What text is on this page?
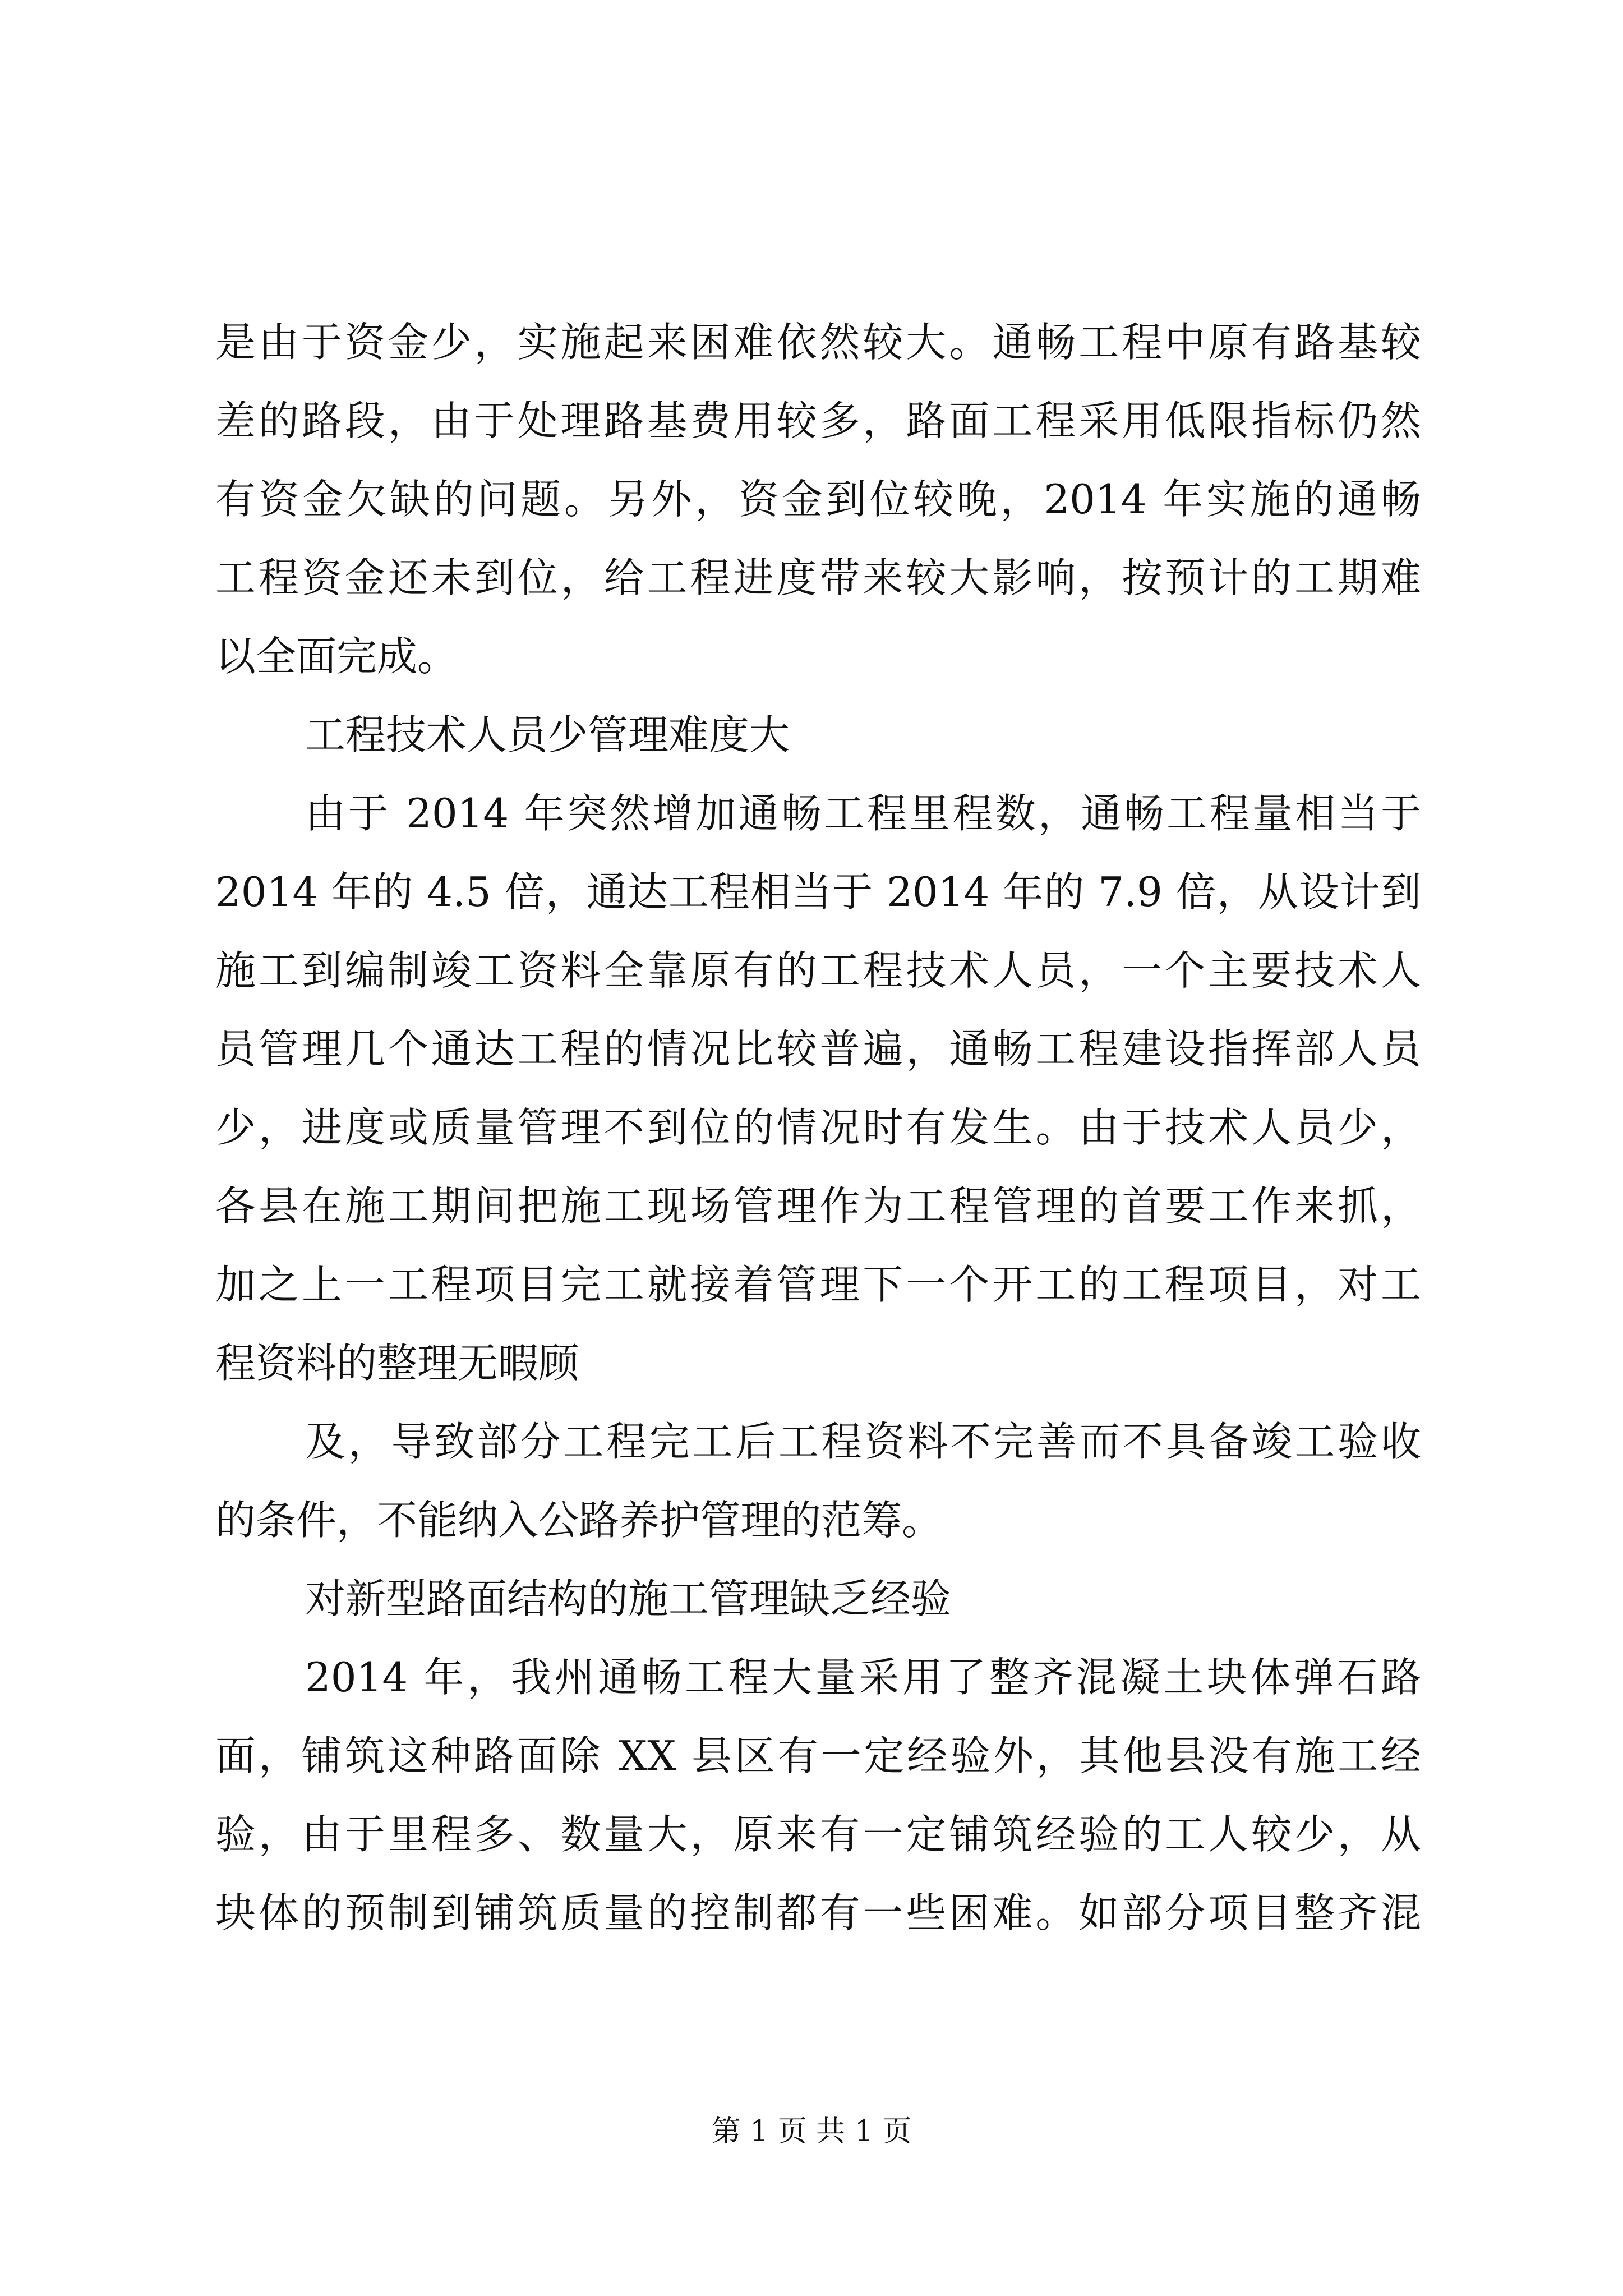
是由于资金少，实施起来困难依然较大。通畅工程中原有路基较
差的路段，由于处理路基费用较多，路面工程采用低限指标仍然
有资金欠缺的问题。另外，资金到位较晚，2014 年实施的通畅
工程资金还未到位，给工程进度带来较大影响，按预计的工期难
以全面完成。
工程技术人员少管理难度大
由于 2014 年突然增加通畅工程里程数，通畅工程量相当于
2014 年的 4.5 倍，通达工程相当于 2014 年的 7.9 倍，从设计到
施工到编制竣工资料全靠原有的工程技术人员，一个主要技术人
员管理几个通达工程的情况比较普遍，通畅工程建设指挥部人员
少，进度或质量管理不到位的情况时有发生。由于技术人员少，
各县在施工期间把施工现场管理作为工程管理的首要工作来抓，
加之上一工程项目完工就接着管理下一个开工的工程项目，对工
程资料的整理无暇顾
及，导致部分工程完工后工程资料不完善而不具备竣工验收
的条件，不能纳入公路养护管理的范筹。
对新型路面结构的施工管理缺乏经验
2014 年，我州通畅工程大量采用了整齐混凝土块体弹石路
面，铺筑这种路面除 XX 县区有一定经验外，其他县没有施工经
验，由于里程多、数量大，原来有一定铺筑经验的工人较少，从
块体的预制到铺筑质量的控制都有一些困难。如部分项目整齐混
第 1 页 共 1 页
